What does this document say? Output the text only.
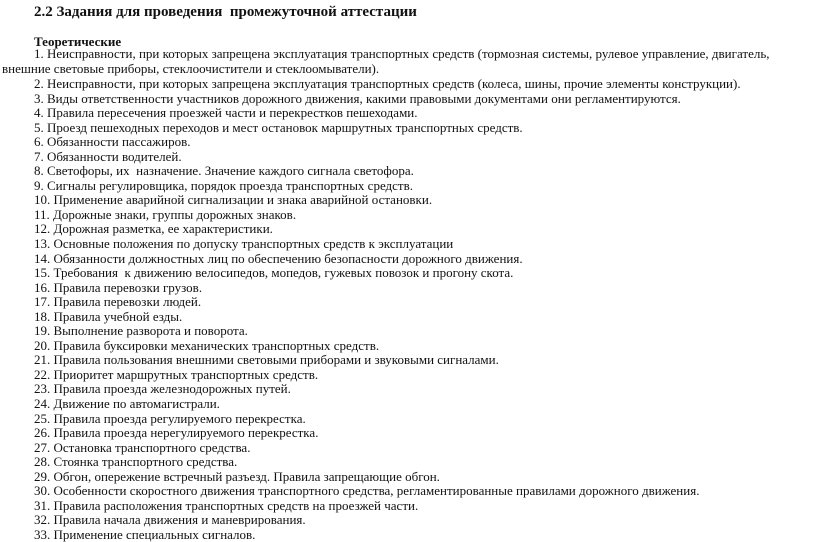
2.2 Задания для проведения  промежуточной аттестации
Теоретические

1. Неисправности, при которых запрещена эксплуатация транспортных средств (тормозная системы, рулевое управление, двигатель, внешние световые приборы, стеклоочистители и стеклоомыватели).

2. Неисправности, при которых запрещена эксплуатация транспортных средств (колеса, шины, прочие элементы конструкции).
3. Виды ответственности участников дорожного движения, какими правовыми документами они регламентируются.
4. Правила пересечения проезжей части и перекрестков пешеходами.
5. Проезд пешеходных переходов и мест остановок маршрутных транспортных средств.
6. Обязанности пассажиров.
7. Обязанности водителей.
8. Светофоры, их  назначение. Значение каждого сигнала светофора.
9. Сигналы регулировщика, порядок проезда транспортных средств.
10. Применение аварийной сигнализации и знака аварийной остановки.
11. Дорожные знаки, группы дорожных знаков.
12. Дорожная разметка, ее характеристики.
13. Основные положения по допуску транспортных средств к эксплуатации
14. Обязанности должностных лиц по обеспечению безопасности дорожного движения.
15. Требования  к движению велосипедов, мопедов, гужевых повозок и прогону скота.
16. Правила перевозки грузов.
17. Правила перевозки людей.
18. Правила учебной езды.
19. Выполнение разворота и поворота.
20. Правила буксировки механических транспортных средств.
21. Правила пользования внешними световыми приборами и звуковыми сигналами.
22. Приоритет маршрутных транспортных средств.
23. Правила проезда железнодорожных путей.
24. Движение по автомагистрали.
25. Правила проезда регулируемого перекрестка.
26. Правила проезда нерегулируемого перекрестка.
27. Остановка транспортного средства.
28. Стоянка транспортного средства.
29. Обгон, опережение встречный разъезд. Правила запрещающие обгон.
30. Особенности скоростного движения транспортного средства, регламентированные правилами дорожного движения.
31. Правила расположения транспортных средств на проезжей части.
32. Правила начала движения и маневрирования.
33. Применение специальных сигналов.
